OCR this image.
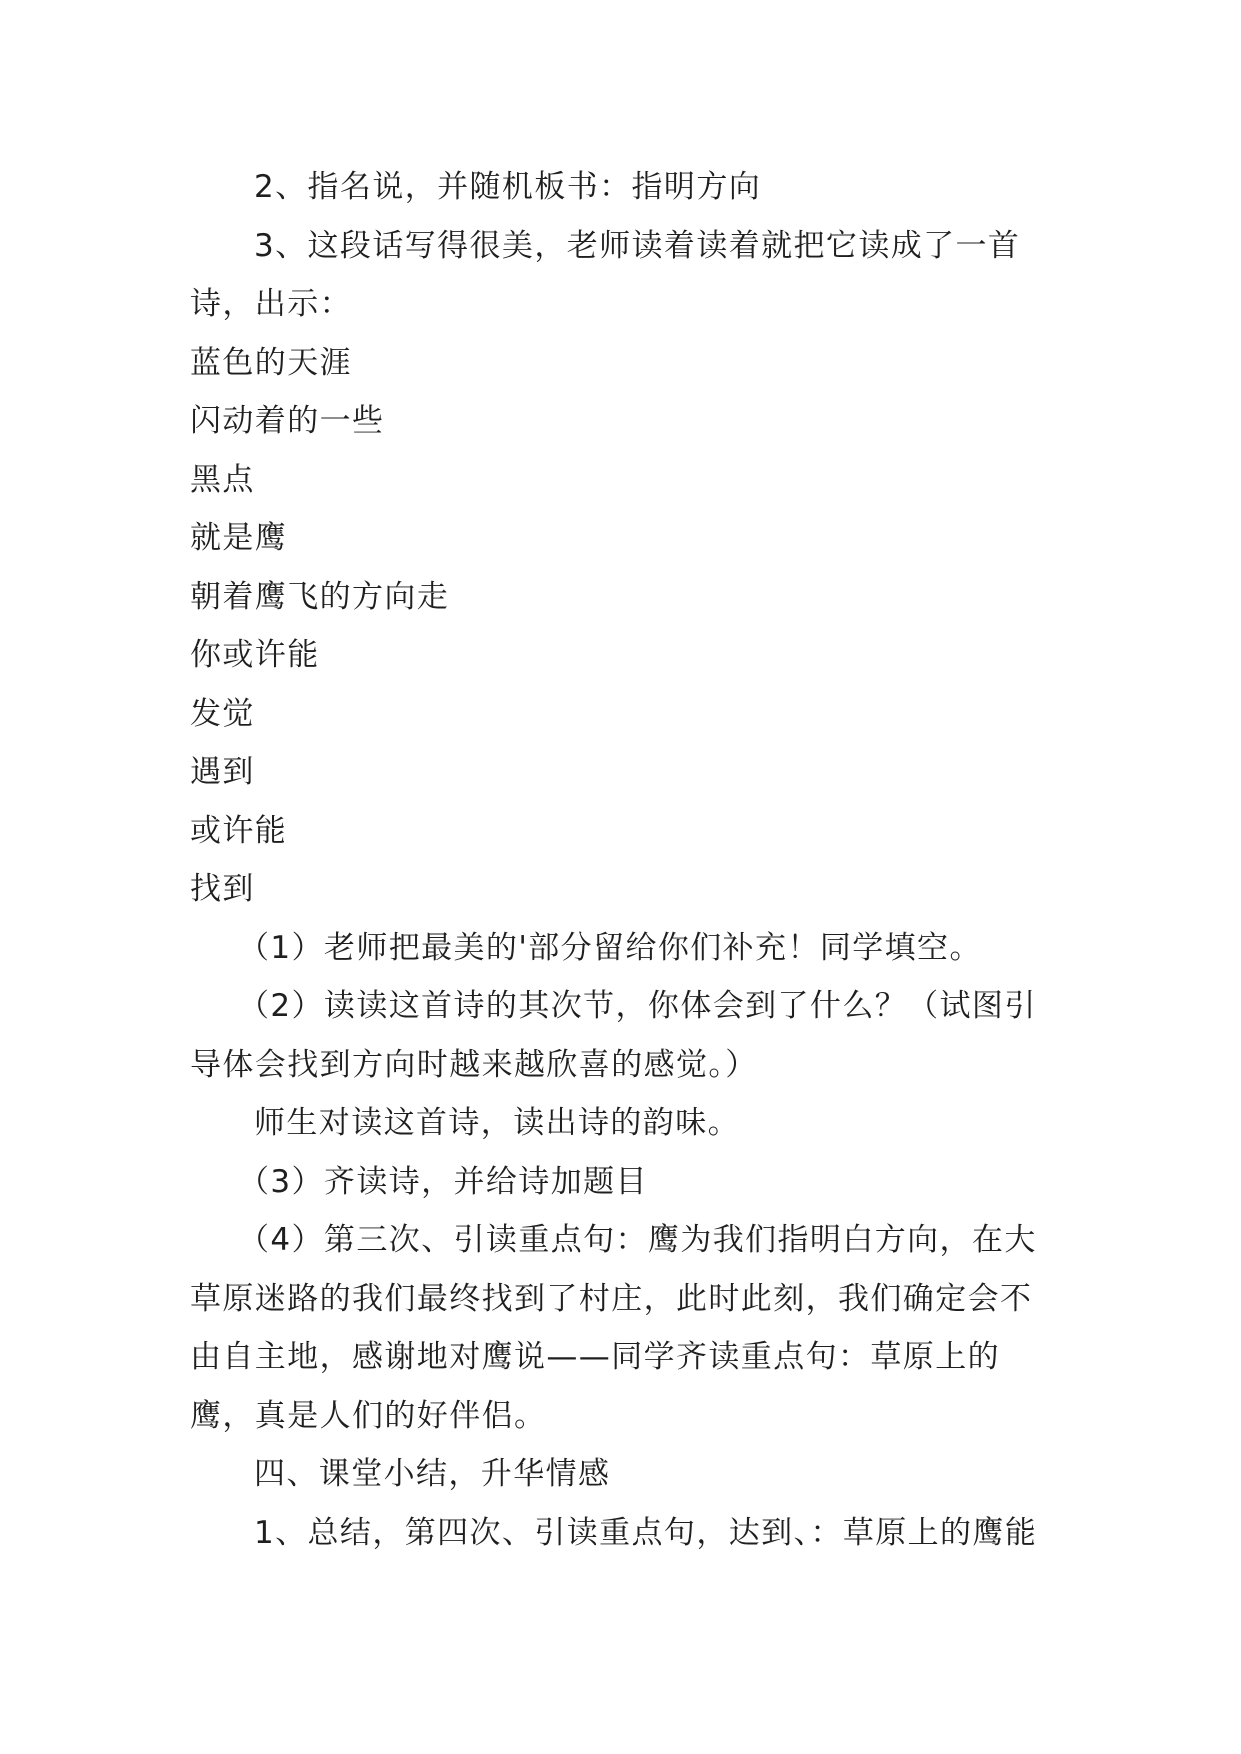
2、指名说，并随机板书：指明方向

3、这段话写得很美，老师读着读着就把它读成了一首诗，出示：

蓝色的天涯

闪动着的一些

黑点

就是鹰

朝着鹰飞的方向走

你或许能

发觉

遇到

或许能

找到

（1）老师把最美的'部分留给你们补充！同学填空。

（2）读读这首诗的其次节，你体会到了什么？（试图引导体会找到方向时越来越欣喜的感觉。）

师生对读这首诗，读出诗的韵味。

（3）齐读诗，并给诗加题目

（4）第三次、引读重点句：鹰为我们指明白方向，在大草原迷路的我们最终找到了村庄，此时此刻，我们确定会不由自主地，感谢地对鹰说——同学齐读重点句：草原上的鹰，真是人们的好伴侣。

四、课堂小结，升华情感

1、总结，第四次、引读重点句，达到、：草原上的鹰能
